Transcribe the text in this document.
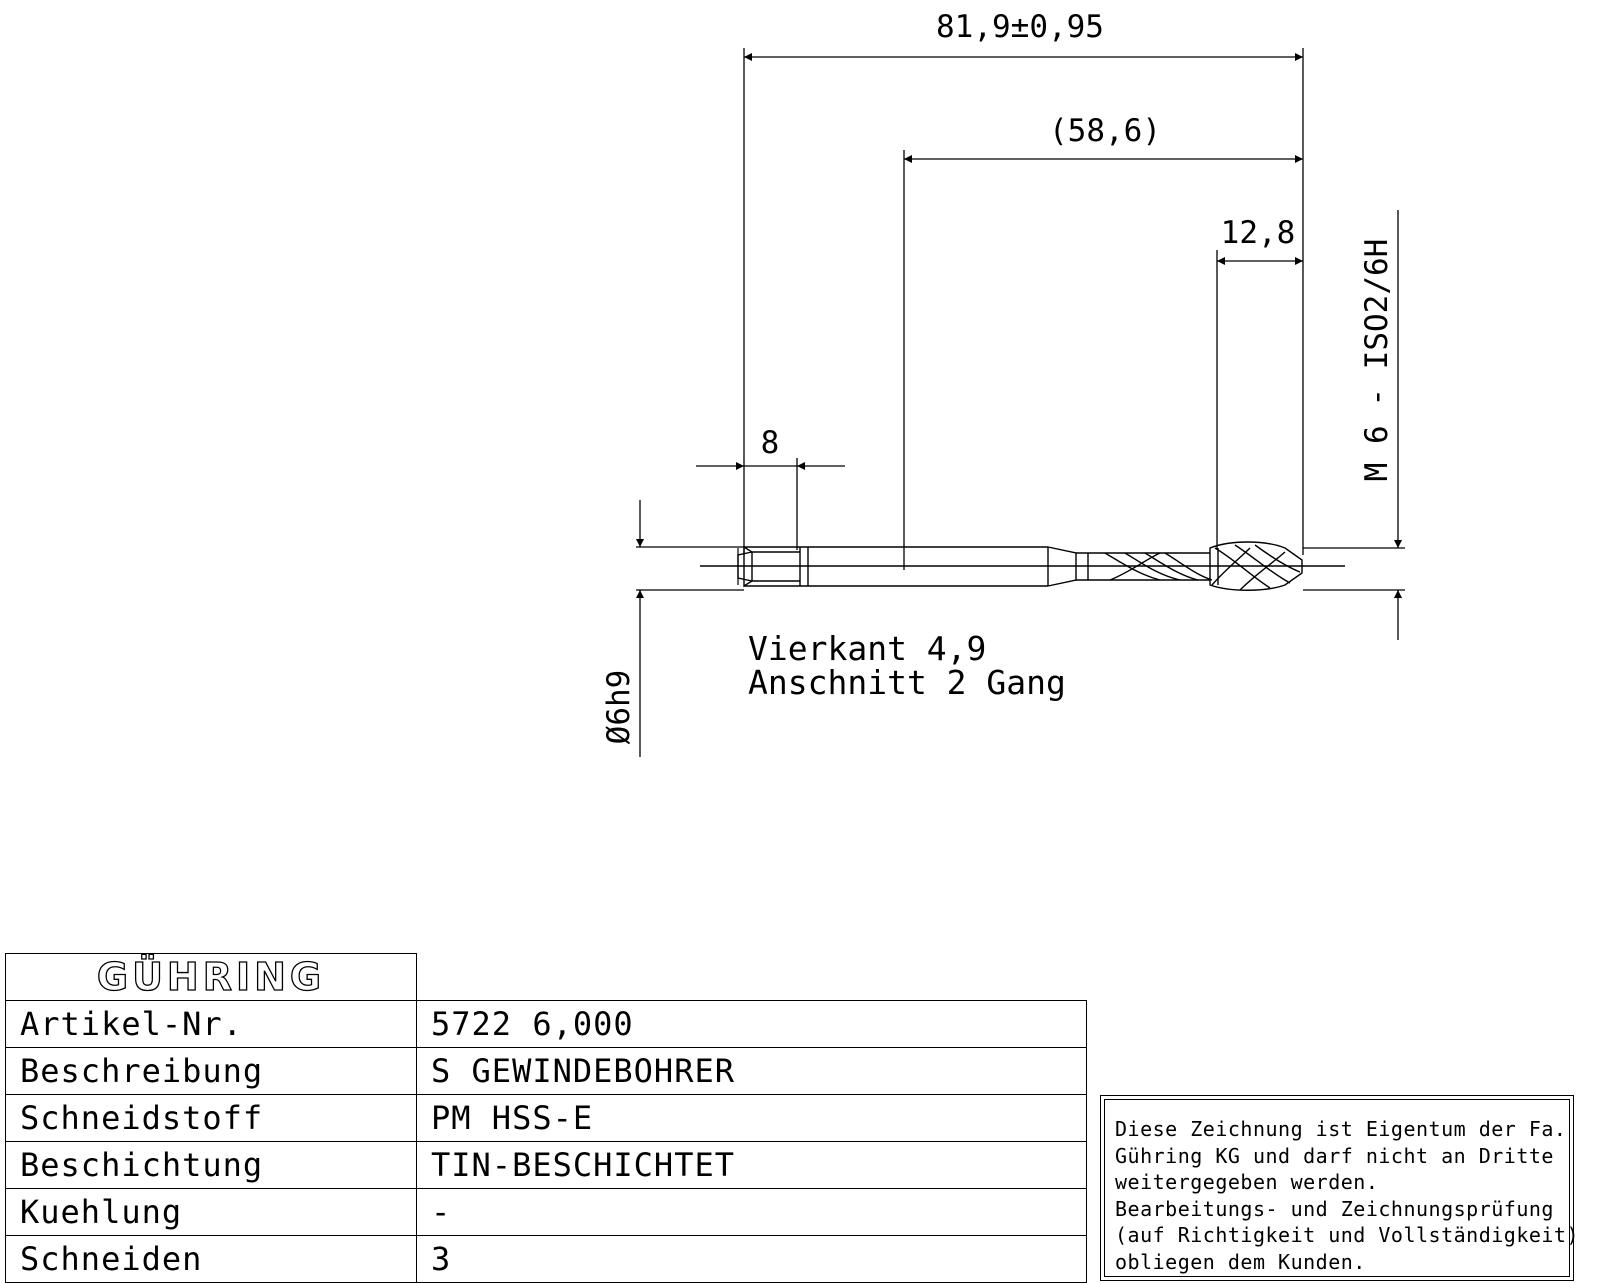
81,9±0,95
(58,6)
12,8
8
Ø6h9
M 6 - ISO2/6H
Vierkant 4,9
Anschnitt 2 Gang
GÜHRING	
Artikel-Nr.	5722 6,000
Beschreibung	S GEWINDEBOHRER
Schneidstoff	PM HSS-E
Beschichtung	TIN-BESCHICHTET
Kuehlung	-
Schneiden	3
Diese Zeichnung ist Eigentum der Fa.
Gühring KG und darf nicht an Dritte
weitergegeben werden.
Bearbeitungs- und Zeichnungsprüfung
(auf Richtigkeit und Vollständigkeit)
obliegen dem Kunden.
